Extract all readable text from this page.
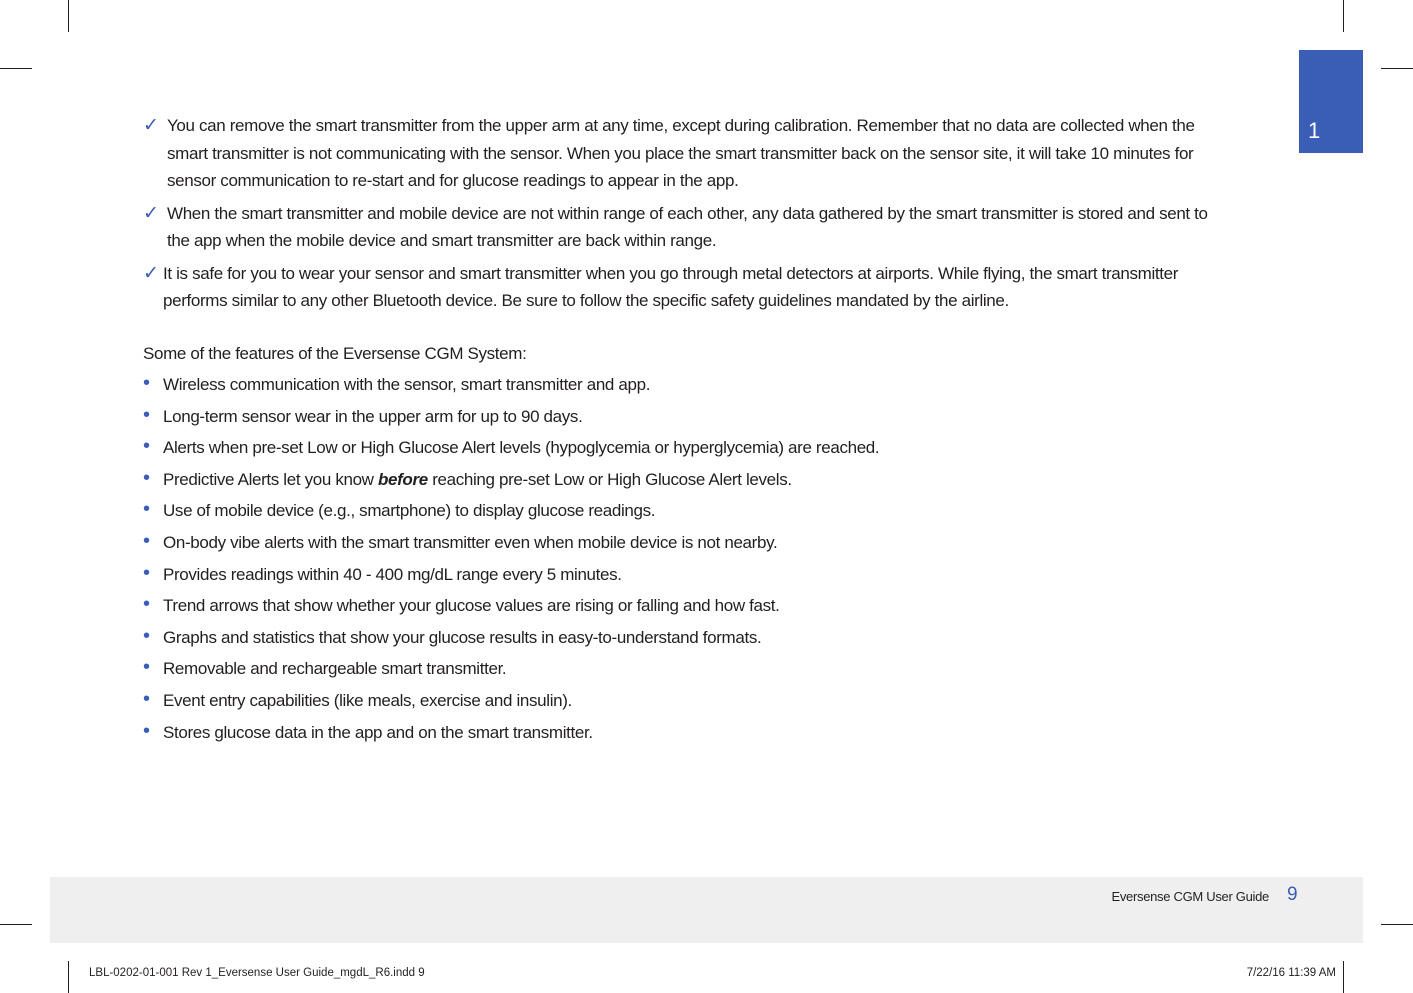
1
✓ You can remove the smart transmitter from the upper arm at any time, except during calibration. Remember that no data are collected when the smart transmitter is not communicating with the sensor. When you place the smart transmitter back on the sensor site, it will take 10 minutes for sensor communication to re-start and for glucose readings to appear in the app.
✓ When the smart transmitter and mobile device are not within range of each other, any data gathered by the smart transmitter is stored and sent to the app when the mobile device and smart transmitter are back within range.
✓ It is safe for you to wear your sensor and smart transmitter when you go through metal detectors at airports. While flying, the smart transmitter performs similar to any other Bluetooth device. Be sure to follow the specific safety guidelines mandated by the airline.
Some of the features of the Eversense CGM System:
• Wireless communication with the sensor, smart transmitter and app.
• Long-term sensor wear in the upper arm for up to 90 days.
• Alerts when pre-set Low or High Glucose Alert levels (hypoglycemia or hyperglycemia) are reached.
• Predictive Alerts let you know before reaching pre-set Low or High Glucose Alert levels.
• Use of mobile device (e.g., smartphone) to display glucose readings.
• On-body vibe alerts with the smart transmitter even when mobile device is not nearby.
• Provides readings within 40 - 400 mg/dL range every 5 minutes.
• Trend arrows that show whether your glucose values are rising or falling and how fast.
• Graphs and statistics that show your glucose results in easy-to-understand formats.
• Removable and rechargeable smart transmitter.
• Event entry capabilities (like meals, exercise and insulin).
• Stores glucose data in the app and on the smart transmitter.
Eversense CGM User Guide 9
LBL-0202-01-001 Rev 1_Eversense User Guide_mgdL_R6.indd 9	7/22/16 11:39 AM
